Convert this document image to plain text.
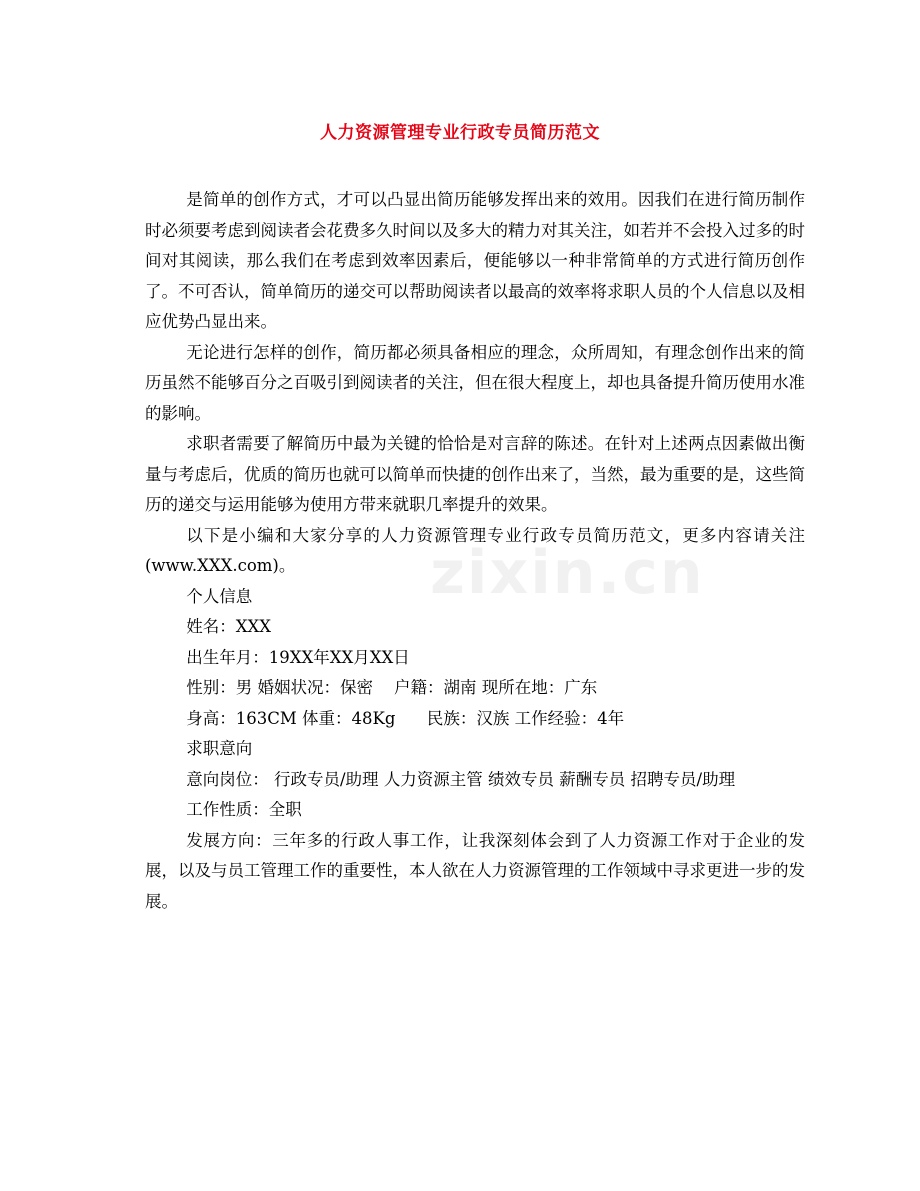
人力资源管理专业行政专员简历范文

是简单的创作方式，才可以凸显出简历能够发挥出来的效用。因我们在进行简历制作时必须要考虑到阅读者会花费多久时间以及多大的精力对其关注，如若并不会投入过多的时间对其阅读，那么我们在考虑到效率因素后，便能够以一种非常简单的方式进行简历创作了。不可否认，简单简历的递交可以帮助阅读者以最高的效率将求职人员的个人信息以及相应优势凸显出来。

无论进行怎样的创作，简历都必须具备相应的理念，众所周知，有理念创作出来的简历虽然不能够百分之百吸引到阅读者的关注，但在很大程度上，却也具备提升简历使用水准的影响。

求职者需要了解简历中最为关键的恰恰是对言辞的陈述。在针对上述两点因素做出衡量与考虑后，优质的简历也就可以简单而快捷的创作出来了，当然，最为重要的是，这些简历的递交与运用能够为使用方带来就职几率提升的效果。

以下是小编和大家分享的人力资源管理专业行政专员简历范文，更多内容请关注(www.XXX.com)。

个人信息

姓名：XXX

出生年月：19XX年XX月XX日

性别：男 婚姻状况：保密    户籍：湖南 现所在地：广东

身高：163CM 体重：48Kg      民族：汉族 工作经验：4年

求职意向

意向岗位： 行政专员/助理 人力资源主管 绩效专员 薪酬专员 招聘专员/助理

工作性质：全职

发展方向：三年多的行政人事工作，让我深刻体会到了人力资源工作对于企业的发展，以及与员工管理工作的重要性，本人欲在人力资源管理的工作领域中寻求更进一步的发展。

zixin.cn
